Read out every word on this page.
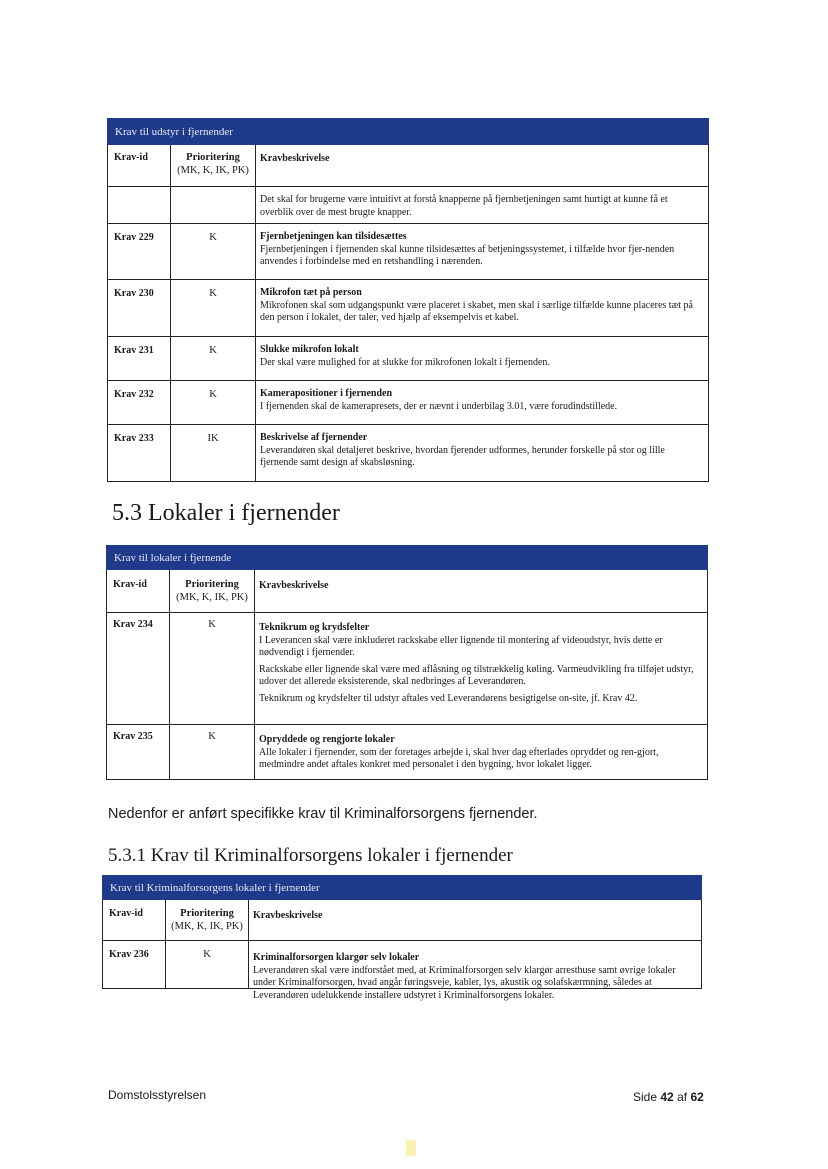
Krav til udstyr i fjernender
Krav-id	Prioritering
(MK, K, IK, PK)
Kravbeskrivelse

Det skal for brugerne være intuitivt at forstå knapperne på fjernbetjeningen samt hurtigt at kunne få et overblik over de mest brugte knapper.

Krav 229	K	Fjernbetjeningen kan tilsidesættes

Fjernbetjeningen i fjernenden skal kunne tilsidesættes af betjeningssystemet, i tilfælde hvor fjer-nenden anvendes i forbindelse med en retshandling i nærenden.

Krav 230	K	Mikrofon tæt på person

Mikrofonen skal som udgangspunkt være placeret i skabet, men skal i særlige tilfælde kunne placeres tæt på den person i lokalet, der taler, ved hjælp af eksempelvis et kabel.

Krav 231	K	Slukke mikrofon lokalt

Der skal være mulighed for at slukke for mikrofonen lokalt i fjernenden.

Krav 232	K	Kamerapositioner i fjernenden

I fjernenden skal de kamerapresets, der er nævnt i underbilag 3.01, være forudindstillede.

Krav 233	IK	Beskrivelse af fjernender

Leverandøren skal detaljeret beskrive, hvordan fjerender udformes, herunder forskelle på stor og lille fjernende samt design af skabsløsning.

5.3 Lokaler i fjernender
Krav til lokaler i fjernende
Krav-id	Prioritering
(MK, K, IK, PK)
Kravbeskrivelse
Krav 234	K	Teknikrum og krydsfelter

I Leverancen skal være inkluderet rackskabe eller lignende til montering af videoudstyr, hvis dette er nødvendigt i fjernender.

Rackskabe eller lignende skal være med aflåsning og tilstrækkelig køling. Varmeudvikling fra tilføjet udstyr, udover det allerede eksisterende, skal nedbringes af Leverandøren.

Teknikrum og krydsfelter til udstyr aftales ved Leverandørens besigtigelse on-site, jf. Krav 42.

Krav 235	K	Opryddede og rengjorte lokaler

Alle lokaler i fjernender, som der foretages arbejde i, skal hver dag efterlades opryddet og ren-gjort, medmindre andet aftales konkret med personalet i den bygning, hvor lokalet ligger.

Nedenfor er anført specifikke krav til Kriminalforsorgens fjernender.
5.3.1 Krav til Kriminalforsorgens lokaler i fjernender
Krav til Kriminalforsorgens lokaler i fjernender
Krav-id	Prioritering
(MK, K, IK, PK)
Kravbeskrivelse
Krav 236	K	Kriminalforsorgen klargør selv lokaler

Leverandøren skal være indforstået med, at Kriminalforsorgen selv klargør arresthuse samt øvrige lokaler under Kriminalforsorgen, hvad angår føringsveje, kabler, lys, akustik og solafskærmning, således at Leverandøren udelukkende installere udstyret i Kriminalforsorgens lokaler.

Domstolsstyrelsen	Side 42 af 62
